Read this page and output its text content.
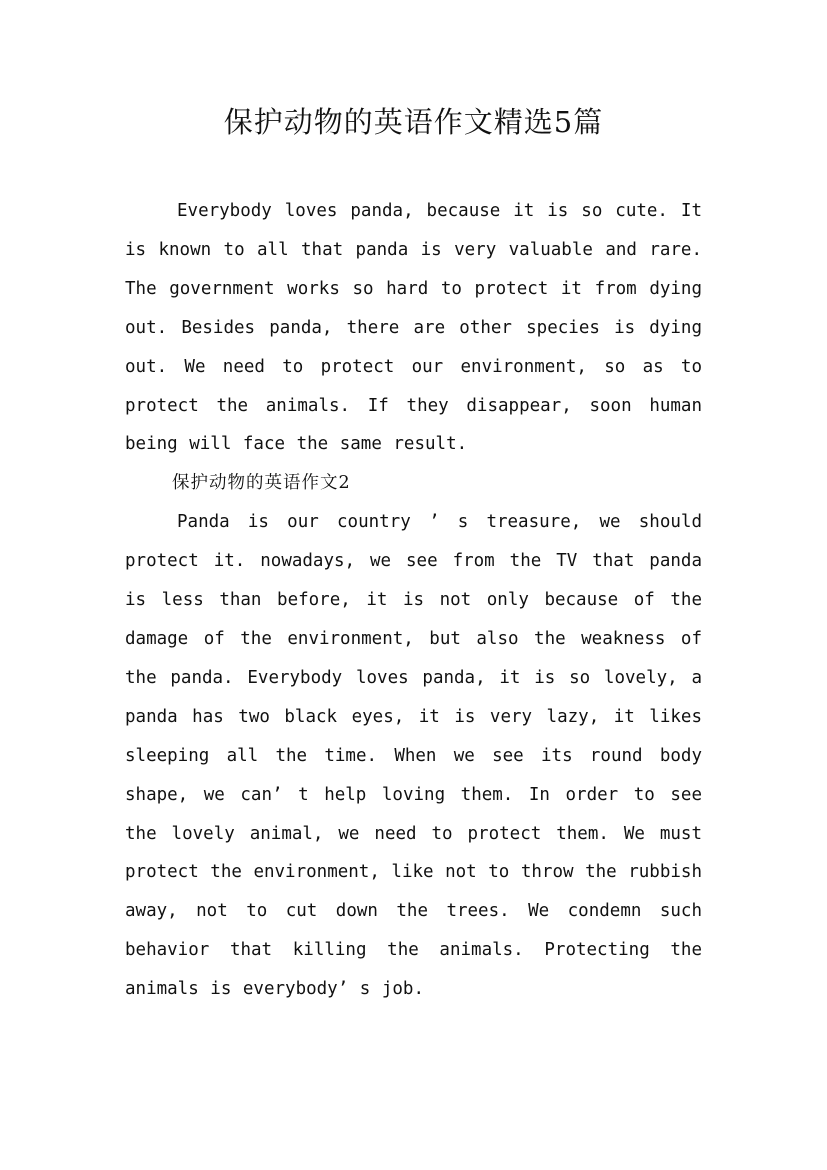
保护动物的英语作文精选5篇

Everybody loves panda, because it is so cute. It is known to all that panda is very valuable and rare. The government works so hard to protect it from dying out. Besides panda, there are other species is dying out. We need to protect our environment, so as to protect the animals. If they disappear, soon human being will face the same result.

保护动物的英语作文2

Panda is our country ’ s treasure, we should protect it. nowadays, we see from the TV that panda is less than before, it is not only because of the damage of the environment, but also the weakness of the panda. Everybody loves panda, it is so lovely, a panda has two black eyes, it is very lazy, it likes sleeping all the time. When we see its round body shape, we can’ t help loving them. In order to see the lovely animal, we need to protect them. We must protect the environment, like not to throw the rubbish away, not to cut down the trees. We condemn such behavior that killing the animals. Protecting the animals is everybody’ s job.
